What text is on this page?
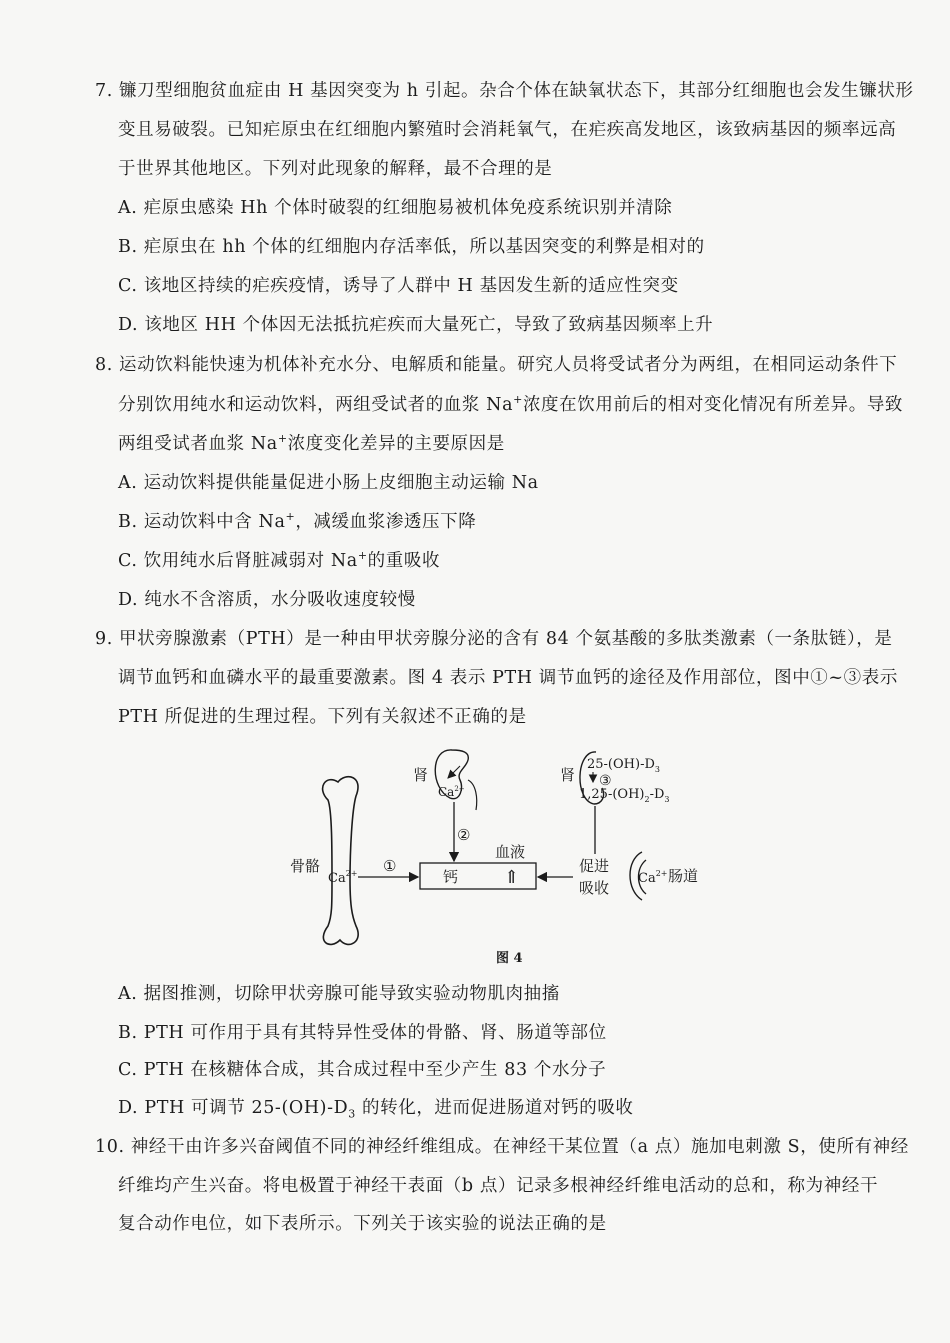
7. 镰刀型细胞贫血症由 H 基因突变为 h 引起。杂合个体在缺氧状态下，其部分红细胞也会发生镰状形
变且易破裂。已知疟原虫在红细胞内繁殖时会消耗氧气，在疟疾高发地区，该致病基因的频率远高
于世界其他地区。下列对此现象的解释，最不合理的是
A. 疟原虫感染 Hh 个体时破裂的红细胞易被机体免疫系统识别并清除
B. 疟原虫在 hh 个体的红细胞内存活率低，所以基因突变的利弊是相对的
C. 该地区持续的疟疾疫情，诱导了人群中 H 基因发生新的适应性突变
D. 该地区 HH 个体因无法抵抗疟疾而大量死亡，导致了致病基因频率上升
8. 运动饮料能快速为机体补充水分、电解质和能量。研究人员将受试者分为两组，在相同运动条件下
分别饮用纯水和运动饮料，两组受试者的血浆 Na+浓度在饮用前后的相对变化情况有所差异。导致
两组受试者血浆 Na+浓度变化差异的主要原因是
A. 运动饮料提供能量促进小肠上皮细胞主动运输 Na
B. 运动饮料中含 Na+，减缓血浆渗透压下降
C. 饮用纯水后肾脏减弱对 Na+的重吸收
D. 纯水不含溶质，水分吸收速度较慢
9. 甲状旁腺激素（PTH）是一种由甲状旁腺分泌的含有 84 个氨基酸的多肽类激素（一条肽链），是
调节血钙和血磷水平的最重要激素。图 4 表示 PTH 调节血钙的途径及作用部位，图中①~③表示
PTH 所促进的生理过程。下列有关叙述不正确的是
骨骼
$Ca^{2+}$ ①
钙	⇑
血液
肾
$Ca^{2+}$
②
肾
$25-(OH)-D_3$
③
$1,25-(OH)_2-D_3$
促进
吸收
$Ca^{2+}$ 肠道
图 4
A. 据图推测，切除甲状旁腺可能导致实验动物肌肉抽搐
B. PTH 可作用于具有其特异性受体的骨骼、肾、肠道等部位
C. PTH 在核糖体合成，其合成过程中至少产生 83 个水分子
D. PTH 可调节 $25-(OH)-D_3$ 的转化，进而促进肠道对钙的吸收
10. 神经干由许多兴奋阈值不同的神经纤维组成。在神经干某位置（a 点）施加电刺激 S，使所有神经
纤维均产生兴奋。将电极置于神经干表面（b 点）记录多根神经纤维电活动的总和，称为神经干
复合动作电位，如下表所示。下列关于该实验的说法正确的是
